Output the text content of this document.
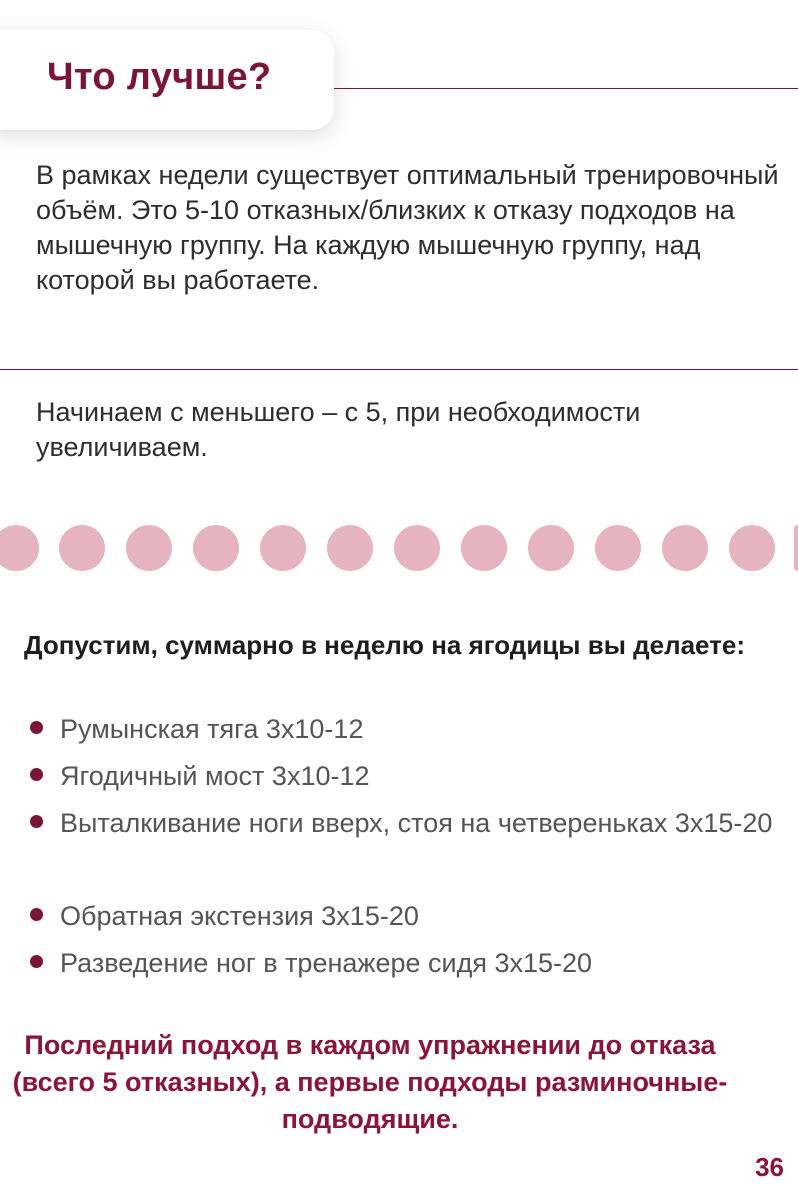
Что лучше?
В рамках недели существует оптимальный тренировочный объём. Это 5-10 отказных/близких к отказу подходов на мышечную группу. На каждую мышечную группу, над которой вы работаете.
Начинаем с меньшего – с 5, при необходимости увеличиваем.
Допустим, суммарно в неделю на ягодицы вы делаете:
Румынская тяга 3х10-12
Ягодичный мост 3х10-12
Выталкивание ноги вверх, стоя на четвереньках 3х15-20
Обратная экстензия 3х15-20
Разведение ног в тренажере сидя 3х15-20
Последний подход в каждом упражнении до отказа (всего 5 отказных), а первые подходы разминочные-подводящие.
36
